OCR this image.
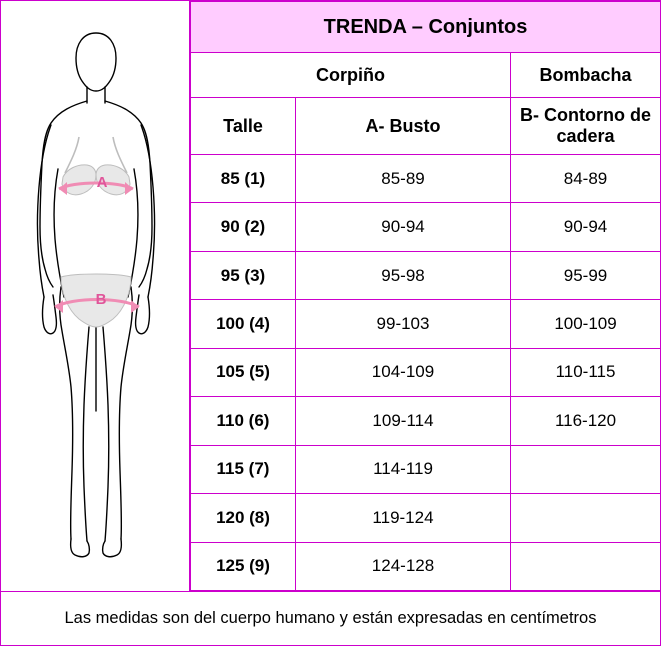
A
B
TRENDA – Conjuntos		
Corpiño		Bombacha
Talle	A- Busto	B- Contorno de cadera
85 (1)	85-89	84-89
90 (2)	90-94	90-94
95 (3)	95-98	95-99
100 (4)	99-103	100-109
105 (5)	104-109	110-115
110 (6)	109-114	116-120
115 (7)	114-119	
120 (8)	119-124	
125 (9)	124-128	
Las medidas son del cuerpo humano y están expresadas en centímetros
